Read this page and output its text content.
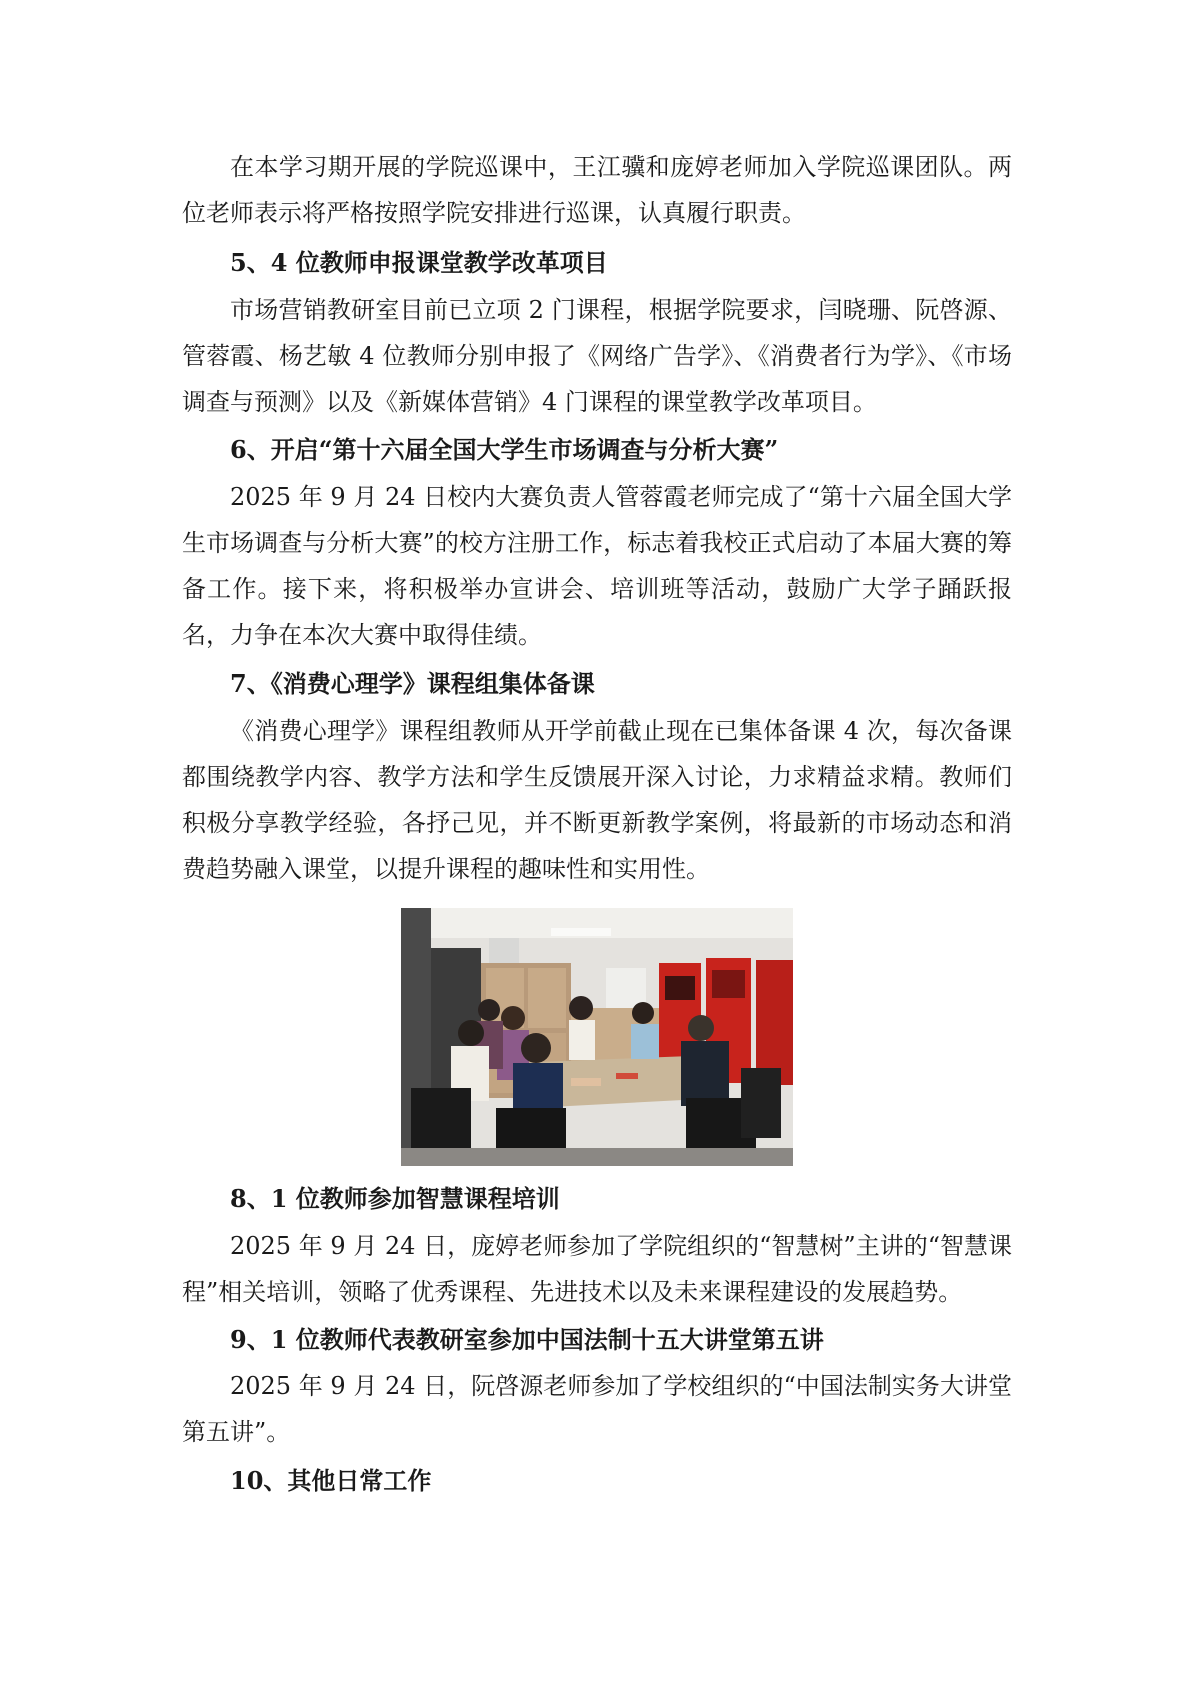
在本学习期开展的学院巡课中，王江骥和庞婷老师加入学院巡课团队。两位老师表示将严格按照学院安排进行巡课，认真履行职责。

5、4 位教师申报课堂教学改革项目

市场营销教研室目前已立项 2 门课程，根据学院要求，闫晓珊、阮啓源、管蓉霞、杨艺敏 4 位教师分别申报了《网络广告学》、《消费者行为学》、《市场调查与预测》以及《新媒体营销》4 门课程的课堂教学改革项目。

6、开启“第十六届全国大学生市场调查与分析大赛”

2025 年 9 月 24 日校内大赛负责人管蓉霞老师完成了“第十六届全国大学生市场调查与分析大赛”的校方注册工作，标志着我校正式启动了本届大赛的筹备工作。接下来，将积极举办宣讲会、培训班等活动，鼓励广大学子踊跃报名，力争在本次大赛中取得佳绩。

7、《消费心理学》课程组集体备课

《消费心理学》课程组教师从开学前截止现在已集体备课 4 次，每次备课都围绕教学内容、教学方法和学生反馈展开深入讨论，力求精益求精。教师们积极分享教学经验，各抒己见，并不断更新教学案例，将最新的市场动态和消费趋势融入课堂，以提升课程的趣味性和实用性。

8、1 位教师参加智慧课程培训

2025 年 9 月 24 日，庞婷老师参加了学院组织的“智慧树”主讲的“智慧课程”相关培训，领略了优秀课程、先进技术以及未来课程建设的发展趋势。

9、1 位教师代表教研室参加中国法制十五大讲堂第五讲

2025 年 9 月 24 日，阮啓源老师参加了学校组织的“中国法制实务大讲堂第五讲”。

10、其他日常工作
